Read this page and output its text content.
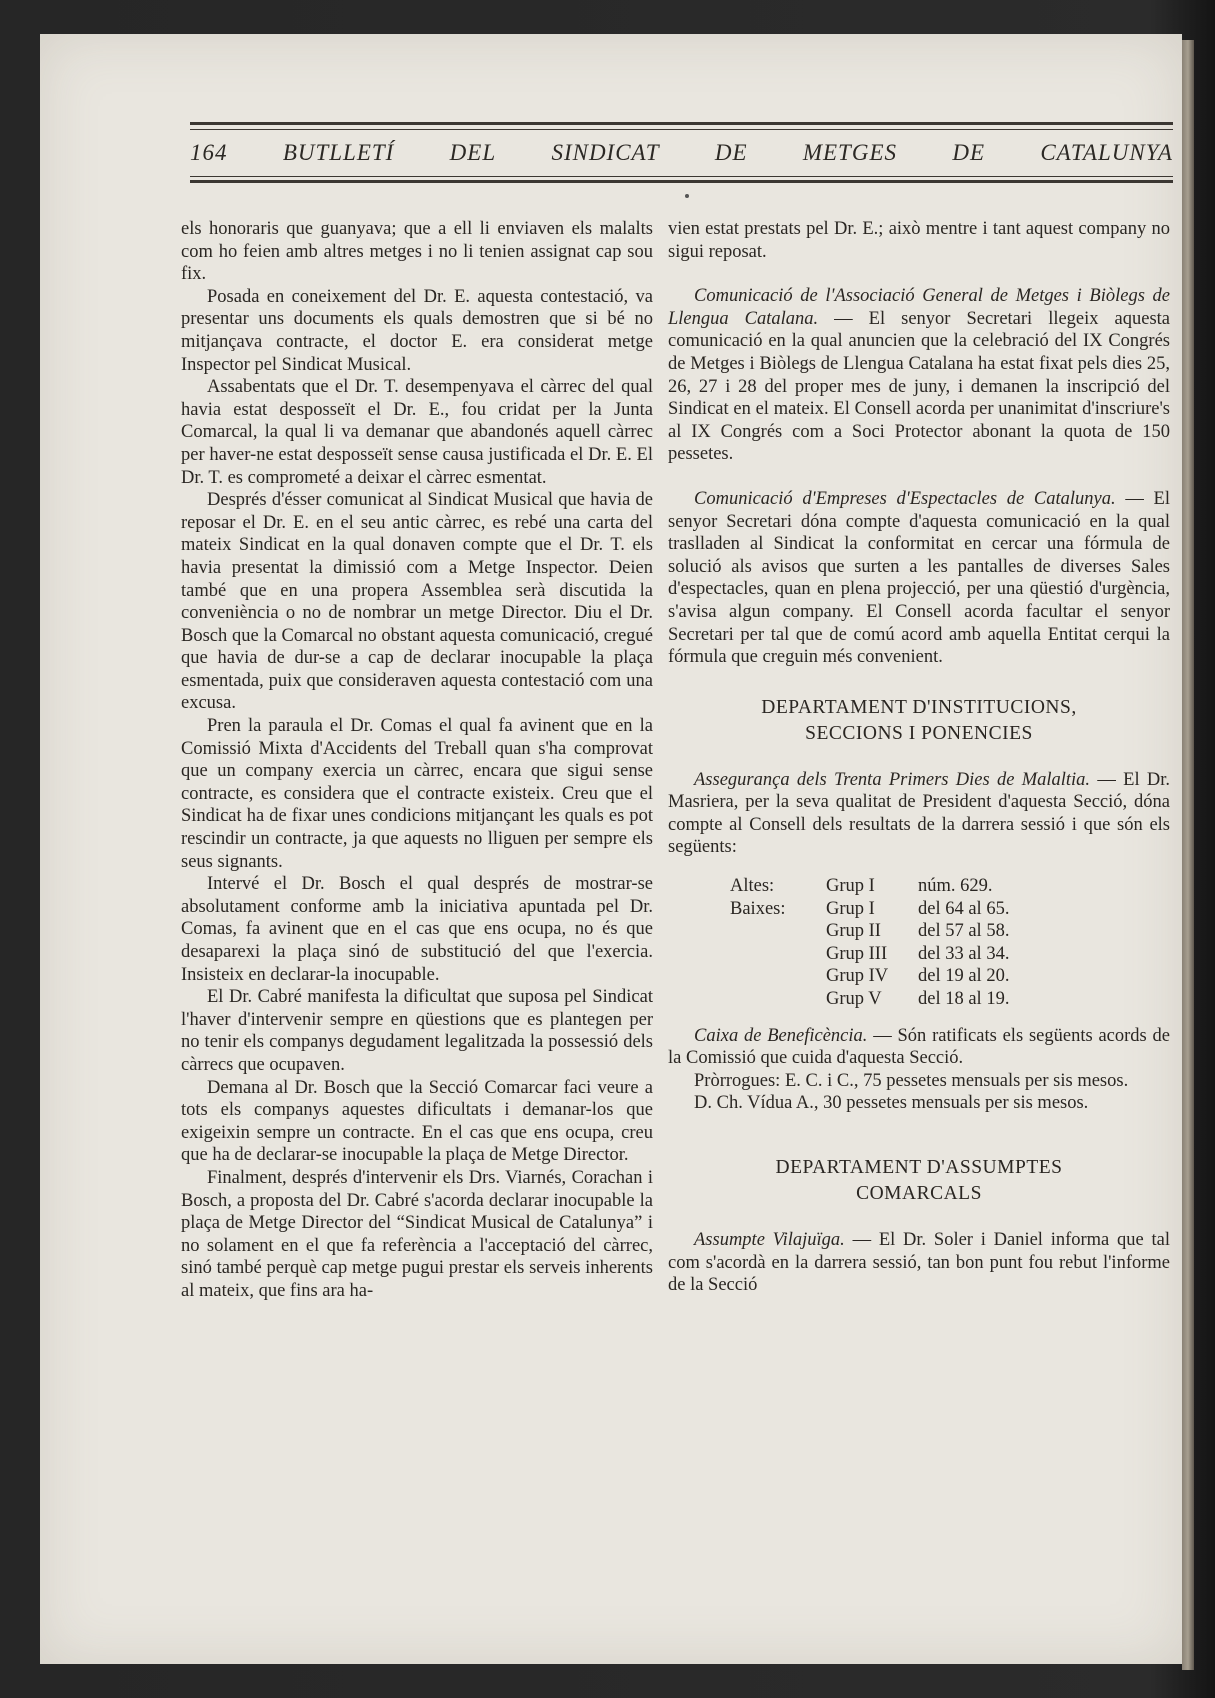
164 BUTLLETÍ DEL SINDICAT DE METGES DE CATALUNYA

els honoraris que guanyava; que a ell li enviaven els malalts com ho feien amb altres metges i no li tenien assignat cap sou fix.

Posada en coneixement del Dr. E. aquesta contestació, va presentar uns documents els quals demostren que si bé no mitjançava contracte, el doctor E. era considerat metge Inspector pel Sindicat Musical.

Assabentats que el Dr. T. desempenyava el càrrec del qual havia estat desposseït el Dr. E., fou cridat per la Junta Comarcal, la qual li va demanar que abandonés aquell càrrec per haver-ne estat desposseït sense causa justificada el Dr. E. El Dr. T. es comprometé a deixar el càrrec esmentat.

Després d'ésser comunicat al Sindicat Musical que havia de reposar el Dr. E. en el seu antic càrrec, es rebé una carta del mateix Sindicat en la qual donaven compte que el Dr. T. els havia presentat la dimissió com a Metge Inspector. Deien també que en una propera Assemblea serà discutida la conveniència o no de nombrar un metge Director. Diu el Dr. Bosch que la Comarcal no obstant aquesta comunicació, cregué que havia de dur-se a cap de declarar inocupable la plaça esmentada, puix que consideraven aquesta contestació com una excusa.

Pren la paraula el Dr. Comas el qual fa avinent que en la Comissió Mixta d'Accidents del Treball quan s'ha comprovat que un company exercia un càrrec, encara que sigui sense contracte, es considera que el contracte existeix. Creu que el Sindicat ha de fixar unes condicions mitjançant les quals es pot rescindir un contracte, ja que aquests no lliguen per sempre els seus signants.

Intervé el Dr. Bosch el qual després de mostrar-se absolutament conforme amb la iniciativa apuntada pel Dr. Comas, fa avinent que en el cas que ens ocupa, no és que desaparexi la plaça sinó de substitució del que l'exercia. Insisteix en declarar-la inocupable.

El Dr. Cabré manifesta la dificultat que suposa pel Sindicat l'haver d'intervenir sempre en qüestions que es plantegen per no tenir els companys degudament legalitzada la possessió dels càrrecs que ocupaven.

Demana al Dr. Bosch que la Secció Comarcar faci veure a tots els companys aquestes dificultats i demanar-los que exigeixin sempre un contracte. En el cas que ens ocupa, creu que ha de declarar-se inocupable la plaça de Metge Director.

Finalment, després d'intervenir els Drs. Viarnés, Corachan i Bosch, a proposta del Dr. Cabré s'acorda declarar inocupable la plaça de Metge Director del “Sindicat Musical de Catalunya” i no solament en el que fa referència a l'acceptació del càrrec, sinó també perquè cap metge pugui prestar els serveis inherents al mateix, que fins ara ha-

vien estat prestats pel Dr. E.; això mentre i tant aquest company no sigui reposat.

Comunicació de l'Associació General de Metges i Biòlegs de Llengua Catalana. — El senyor Secretari llegeix aquesta comunicació en la qual anuncien que la celebració del IX Congrés de Metges i Biòlegs de Llengua Catalana ha estat fixat pels dies 25, 26, 27 i 28 del proper mes de juny, i demanen la inscripció del Sindicat en el mateix. El Consell acorda per unanimitat d'inscriure's al IX Congrés com a Soci Protector abonant la quota de 150 pessetes.

Comunicació d'Empreses d'Espectacles de Catalunya. — El senyor Secretari dóna compte d'aquesta comunicació en la qual traslladen al Sindicat la conformitat en cercar una fórmula de solució als avisos que surten a les pantalles de diverses Sales d'espectacles, quan en plena projecció, per una qüestió d'urgència, s'avisa algun company. El Consell acorda facultar el senyor Secretari per tal que de comú acord amb aquella Entitat cerqui la fórmula que creguin més convenient.

DEPARTAMENT D'INSTITUCIONS,
SECCIONS I PONENCIES

Assegurança dels Trenta Primers Dies de Malaltia. — El Dr. Masriera, per la seva qualitat de President d'aquesta Secció, dóna compte al Consell dels resultats de la darrera sessió i que són els següents:

Altes:	Grup I	núm. 629.
Baixes:	Grup I	del 64 al 65.
Grup II	del 57 al 58.
Grup III	del 33 al 34.
Grup IV	del 19 al 20.
Grup V	del 18 al 19.

Caixa de Beneficència. — Són ratificats els següents acords de la Comissió que cuida d'aquesta Secció.

Pròrrogues: E. C. i C., 75 pessetes mensuals per sis mesos.

D. Ch. Vídua A., 30 pessetes mensuals per sis mesos.

DEPARTAMENT D'ASSUMPTES
COMARCALS

Assumpte Vilajuïga. — El Dr. Soler i Daniel informa que tal com s'acordà en la darrera sessió, tan bon punt fou rebut l'informe de la Secció
